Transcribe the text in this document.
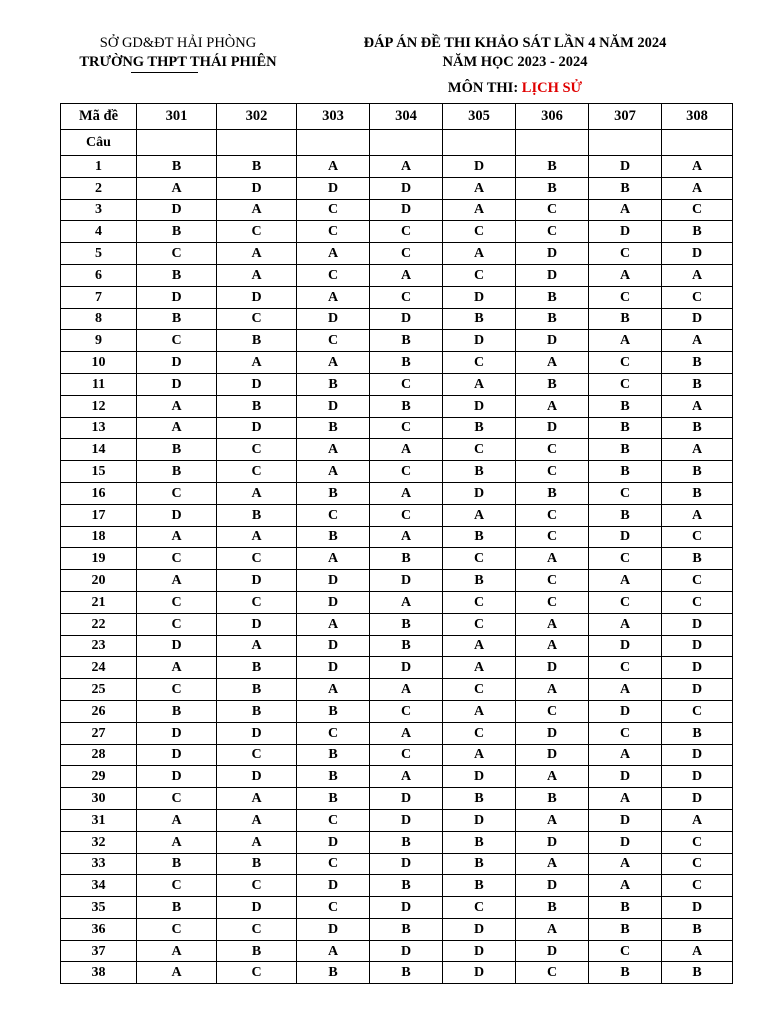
SỞ GD&ĐT HẢI PHÒNG
TRƯỜNG THPT THÁI PHIÊN
ĐÁP ÁN ĐỀ THI KHẢO SÁT LẦN 4 NĂM 2024
NĂM HỌC 2023 - 2024
MÔN THI: LỊCH SỬ
Mã đề	301	302	303	304	305	306	307	308
Câu								
1	B	B	A	A	D	B	D	A
2	A	D	D	D	A	B	B	A
3	D	A	C	D	A	C	A	C
4	B	C	C	C	C	C	D	B
5	C	A	A	C	A	D	C	D
6	B	A	C	A	C	D	A	A
7	D	D	A	C	D	B	C	C
8	B	C	D	D	B	B	B	D
9	C	B	C	B	D	D	A	A
10	D	A	A	B	C	A	C	B
11	D	D	B	C	A	B	C	B
12	A	B	D	B	D	A	B	A
13	A	D	B	C	B	D	B	B
14	B	C	A	A	C	C	B	A
15	B	C	A	C	B	C	B	B
16	C	A	B	A	D	B	C	B
17	D	B	C	C	A	C	B	A
18	A	A	B	A	B	C	D	C
19	C	C	A	B	C	A	C	B
20	A	D	D	D	B	C	A	C
21	C	C	D	A	C	C	C	C
22	C	D	A	B	C	A	A	D
23	D	A	D	B	A	A	D	D
24	A	B	D	D	A	D	C	D
25	C	B	A	A	C	A	A	D
26	B	B	B	C	A	C	D	C
27	D	D	C	A	C	D	C	B
28	D	C	B	C	A	D	A	D
29	D	D	B	A	D	A	D	D
30	C	A	B	D	B	B	A	D
31	A	A	C	D	D	A	D	A
32	A	A	D	B	B	D	D	C
33	B	B	C	D	B	A	A	C
34	C	C	D	B	B	D	A	C
35	B	D	C	D	C	B	B	D
36	C	C	D	B	D	A	B	B
37	A	B	A	D	D	D	C	A
38	A	C	B	B	D	C	B	B
